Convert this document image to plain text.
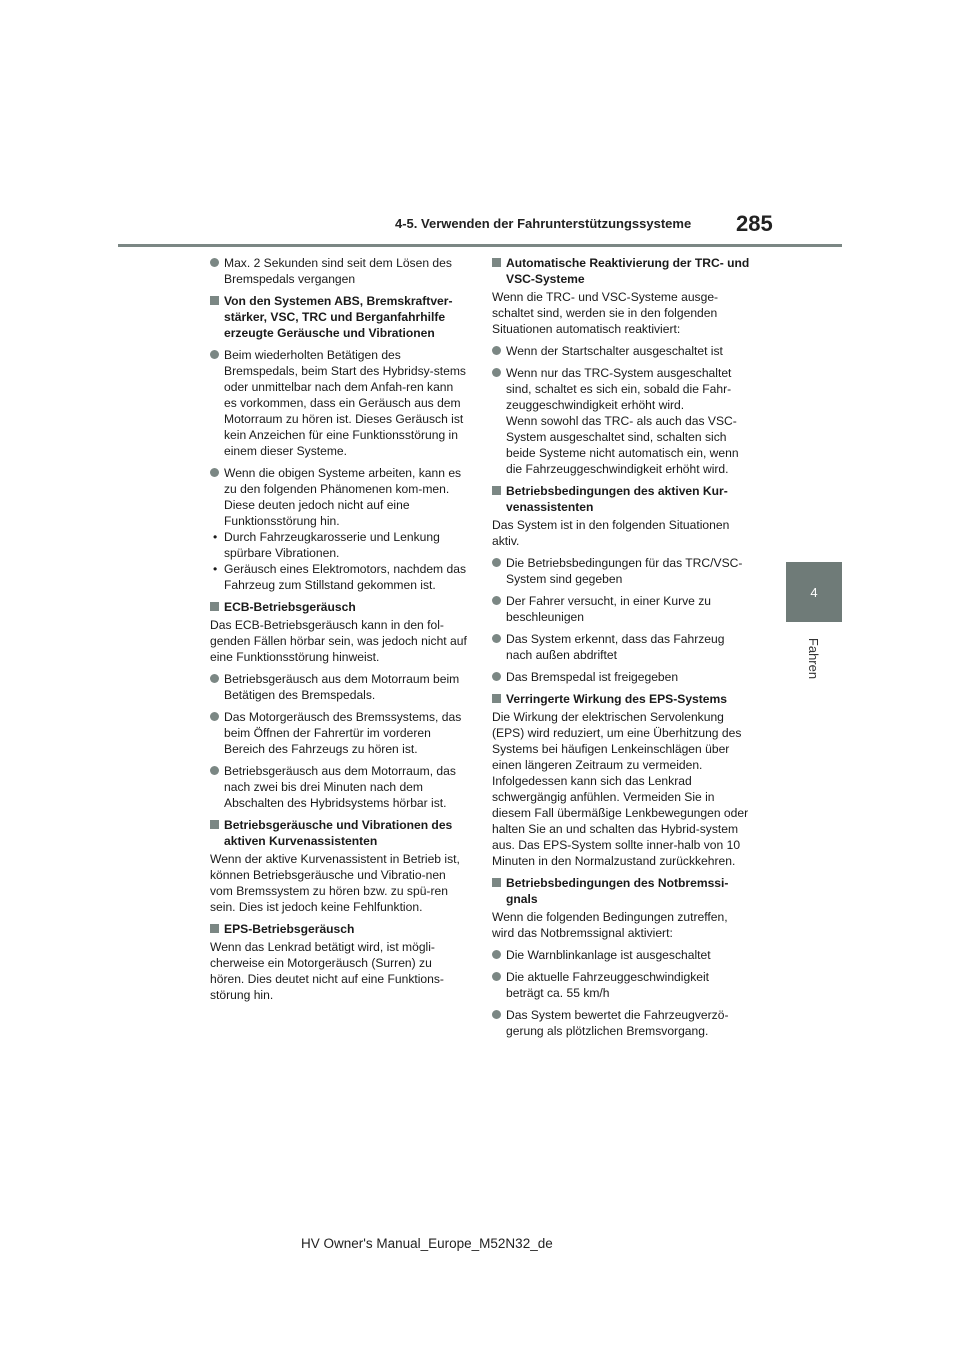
4-5. Verwenden der Fahrunterstützungssysteme 285
4
Fahren

Max. 2 Sekunden sind seit dem Lösen des Bremspedals vergangen

Von den Systemen ABS, Bremskraftver-stärker, VSC, TRC und Berganfahrhilfe erzeugte Geräusche und Vibrationen

Beim wiederholten Betätigen des Bremspedals, beim Start des Hybridsy-stems oder unmittelbar nach dem Anfah-ren kann es vorkommen, dass ein Geräusch aus dem Motorraum zu hören ist. Dieses Geräusch ist kein Anzeichen für eine Funktionsstörung in einem dieser Systeme.

Wenn die obigen Systeme arbeiten, kann es zu den folgenden Phänomenen kom-men. Diese deuten jedoch nicht auf eine Funktionsstörung hin.

• Durch Fahrzeugkarosserie und Lenkung spürbare Vibrationen.

• Geräusch eines Elektromotors, nachdem das Fahrzeug zum Stillstand gekommen ist.

ECB-Betriebsgeräusch

Das ECB-Betriebsgeräusch kann in den fol-genden Fällen hörbar sein, was jedoch nicht auf eine Funktionsstörung hinweist.

Betriebsgeräusch aus dem Motorraum beim Betätigen des Bremspedals.

Das Motorgeräusch des Bremssystems, das beim Öffnen der Fahrertür im vorderen Bereich des Fahrzeugs zu hören ist.

Betriebsgeräusch aus dem Motorraum, das nach zwei bis drei Minuten nach dem Abschalten des Hybridsystems hörbar ist.

Betriebsgeräusche und Vibrationen des aktiven Kurvenassistenten

Wenn der aktive Kurvenassistent in Betrieb ist, können Betriebsgeräusche und Vibratio-nen vom Bremssystem zu hören bzw. zu spü-ren sein. Dies ist jedoch keine Fehlfunktion.

EPS-Betriebsgeräusch

Wenn das Lenkrad betätigt wird, ist mögli-cherweise ein Motorgeräusch (Surren) zu hören. Dies deutet nicht auf eine Funktions-störung hin.

Automatische Reaktivierung der TRC- und VSC-Systeme

Wenn die TRC- und VSC-Systeme ausge-schaltet sind, werden sie in den folgenden Situationen automatisch reaktiviert:

Wenn der Startschalter ausgeschaltet ist

Wenn nur das TRC-System ausgeschaltet sind, schaltet es sich ein, sobald die Fahr-zeuggeschwindigkeit erhöht wird.

Wenn sowohl das TRC- als auch das VSC-System ausgeschaltet sind, schalten sich beide Systeme nicht automatisch ein, wenn die Fahrzeuggeschwindigkeit erhöht wird.

Betriebsbedingungen des aktiven Kur-venassistenten

Das System ist in den folgenden Situationen aktiv.

Die Betriebsbedingungen für das TRC/VSC-System sind gegeben

Der Fahrer versucht, in einer Kurve zu beschleunigen

Das System erkennt, dass das Fahrzeug nach außen abdriftet

Das Bremspedal ist freigegeben

Verringerte Wirkung des EPS-Systems

Die Wirkung der elektrischen Servolenkung (EPS) wird reduziert, um eine Überhitzung des Systems bei häufigen Lenkeinschlägen über einen längeren Zeitraum zu vermeiden. Infolgedessen kann sich das Lenkrad schwergängig anfühlen. Vermeiden Sie in diesem Fall übermäßige Lenkbewegungen oder halten Sie an und schalten das Hybrid-system aus. Das EPS-System sollte inner-halb von 10 Minuten in den Normalzustand zurückkehren.

Betriebsbedingungen des Notbremssi-gnals

Wenn die folgenden Bedingungen zutreffen, wird das Notbremssignal aktiviert:

Die Warnblinkanlage ist ausgeschaltet

Die aktuelle Fahrzeuggeschwindigkeit beträgt ca. 55 km/h

Das System bewertet die Fahrzeugverzö-gerung als plötzlichen Bremsvorgang.

HV Owner's Manual_Europe_M52N32_de
